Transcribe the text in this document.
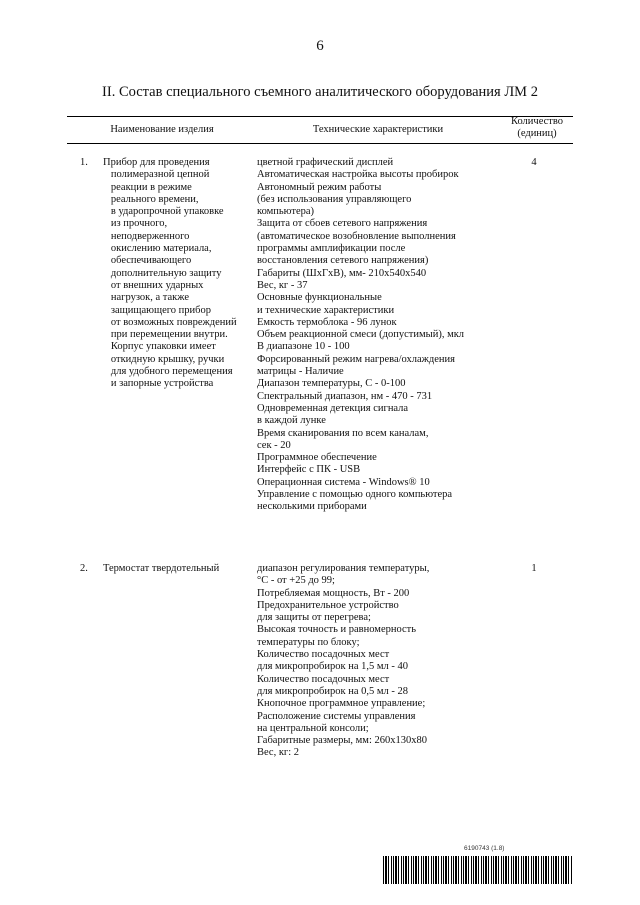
6
II. Состав специального съемного аналитического оборудования ЛМ 2
Наименование изделия	Технические характеристики
Количество
(единиц)
1. Прибор для проведения
полимеразной цепной
реакции в режиме
реального времени,
в ударопрочной упаковке
из прочного,
неподверженного
окислению материала,
обеспечивающего
дополнительную защиту
от внешних ударных
нагрузок, а также
защищающего прибор
от возможных повреждений
при перемещении внутри.
Корпус упаковки имеет
откидную крышку, ручки
для удобного перемещения
и запорные устройства
цветной графический дисплей
Автоматическая настройка высоты пробирок
Автономный режим работы
(без использования управляющего
компьютера)
Защита от сбоев сетевого напряжения
(автоматическое возобновление выполнения
программы амплификации после
восстановления сетевого напряжения)
Габариты (ШхГхВ), мм- 210х540х540
Вес, кг - 37
Основные функциональные
и технические характеристики
Емкость термоблока - 96 лунок
Объем реакционной смеси (допустимый), мкл
В диапазоне 10 - 100
Форсированный режим нагрева/охлаждения
матрицы - Наличие
Диапазон температуры, С - 0-100
Спектральный диапазон, нм - 470 - 731
Одновременная детекция сигнала
в каждой лунке
Время сканирования по всем каналам,
сек - 20
Программное обеспечение
Интерфейс с ПК - USB
Операционная система - Windows® 10
Управление с помощью одного компьютера
несколькими приборами
4
2. Термостат твердотельный	диапазон регулирования температуры,
°С - от +25 до 99;
Потребляемая мощность, Вт - 200
Предохранительное устройство
для защиты от перегрева;
Высокая точность и равномерность
температуры по блоку;
Количество посадочных мест
для микропробирок на 1,5 мл - 40
Количество посадочных мест
для микропробирок на 0,5 мл - 28
Кнопочное программное управление;
Расположение системы управления
на центральной консоли;
Габаритные размеры, мм: 260х130х80
Вес, кг: 2
1
6190743 (1.8)
